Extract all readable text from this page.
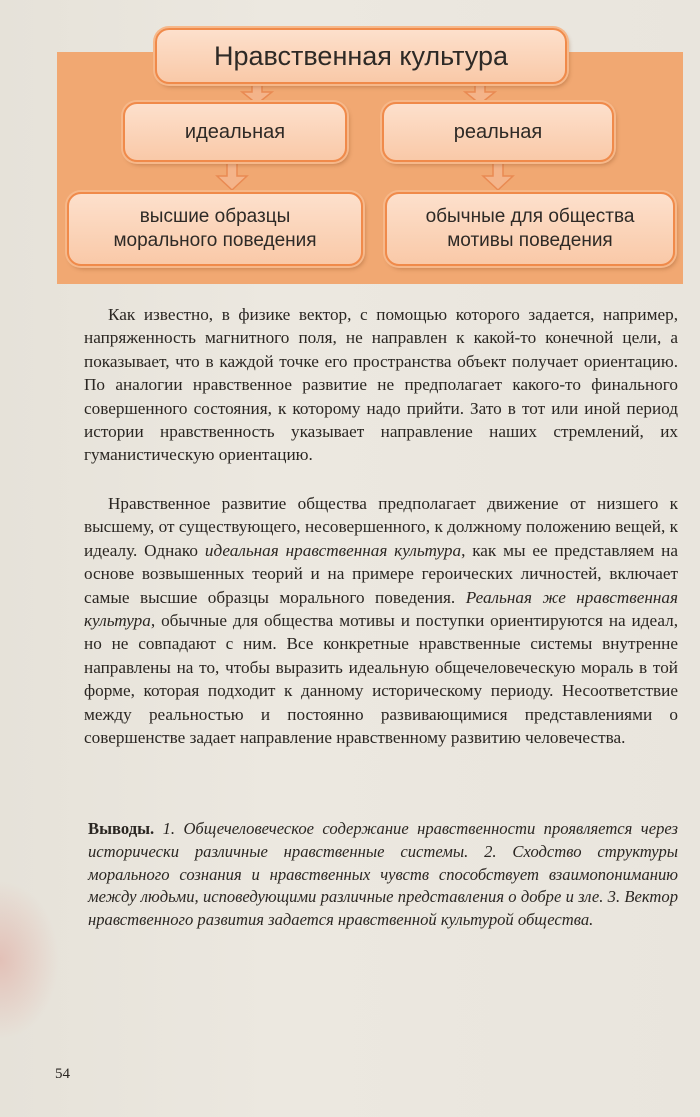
Нравственная культура
идеальная	реальная
высшие образцы
морального поведения
обычные для общества
мотивы поведения
Как известно, в физике вектор, с помощью которого задается, например, напряженность магнитного поля, не направлен к какой-то конечной цели, а показывает, что в каждой точке его пространства объект получает ориентацию. По аналогии нравственное развитие не предполагает какого-то финального совершенного состояния, к которому надо прийти. Зато в тот или иной период истории нравственность указывает направление наших стремлений, их гуманистическую ориентацию.
Нравственное развитие общества предполагает движение от низшего к высшему, от существующего, несовершенного, к должному положению вещей, к идеалу. Однако идеальная нравственная культура, как мы ее представляем на основе возвышенных теорий и на примере героических личностей, включает самые высшие образцы морального поведения. Реальная же нравственная культура, обычные для общества мотивы и поступки ориентируются на идеал, но не совпадают с ним. Все конкретные нравственные системы внутренне направлены на то, чтобы выразить идеальную общечеловеческую мораль в той форме, которая подходит к данному историческому периоду. Несоответствие между реальностью и постоянно развивающимися представлениями о совершенстве задает направление нравственному развитию человечества.
Выводы. 1. Общечеловеческое содержание нравственности проявляется через исторически различные нравственные системы. 2. Сходство структуры морального сознания и нравственных чувств способствует взаимопониманию между людьми, исповедующими различные представления о добре и зле. 3. Вектор нравственного развития задается нравственной культурой общества.
54
